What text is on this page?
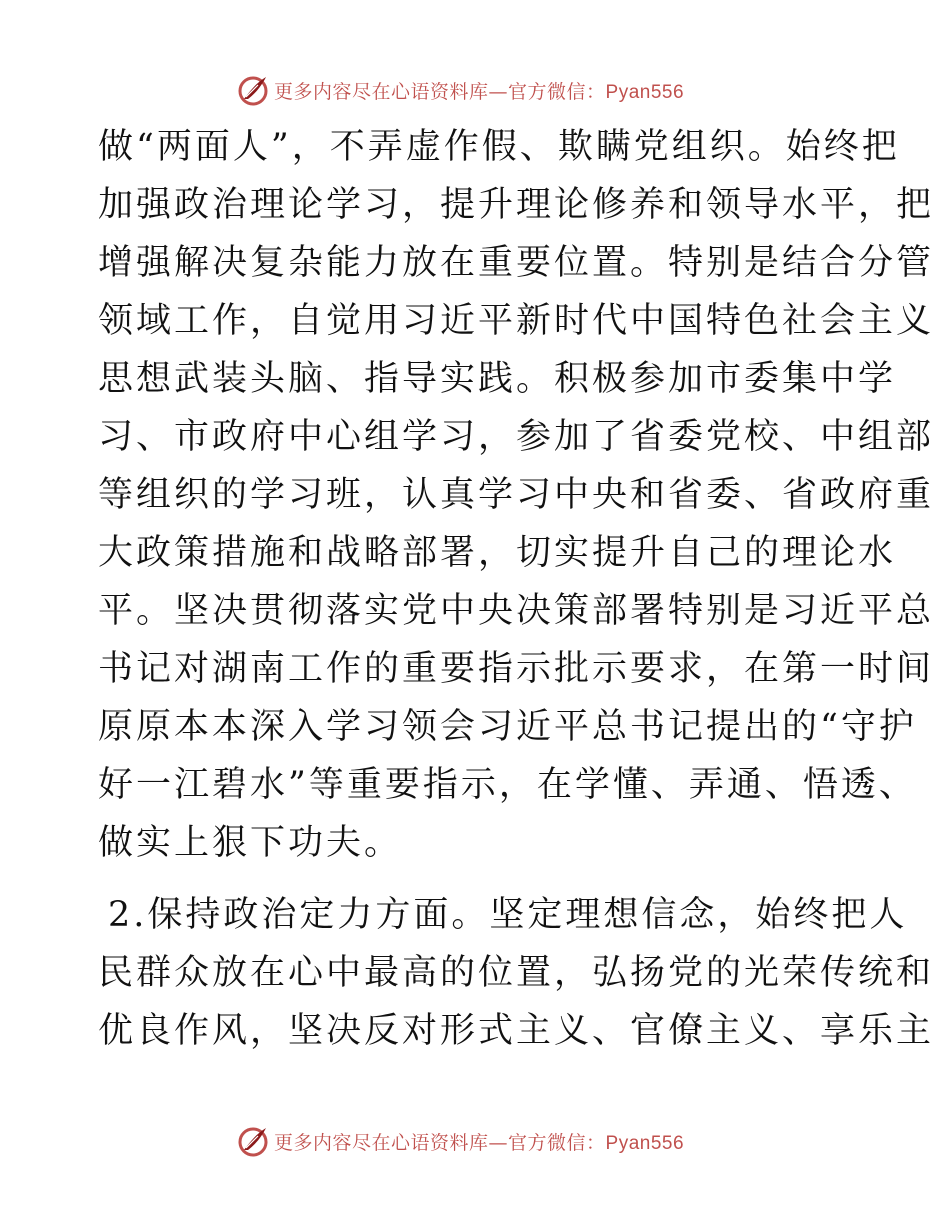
更多内容尽在心语资料库—官方微信：Pyan556
做“两面人”，不弄虚作假、欺瞒党组织。始终把
加强政治理论学习，提升理论修养和领导水平，把
增强解决复杂能力放在重要位置。特别是结合分管
领域工作，自觉用习近平新时代中国特色社会主义
思想武装头脑、指导实践。积极参加市委集中学
习、市政府中心组学习，参加了省委党校、中组部
等组织的学习班，认真学习中央和省委、省政府重
大政策措施和战略部署，切实提升自己的理论水
平。坚决贯彻落实党中央决策部署特别是习近平总
书记对湖南工作的重要指示批示要求，在第一时间
原原本本深入学习领会习近平总书记提出的“守护
好一江碧水”等重要指示，在学懂、弄通、悟透、
做实上狠下功夫。
2.保持政治定力方面。坚定理想信念，始终把人
民群众放在心中最高的位置，弘扬党的光荣传统和
优良作风，坚决反对形式主义、官僚主义、享乐主
更多内容尽在心语资料库—官方微信：Pyan556
